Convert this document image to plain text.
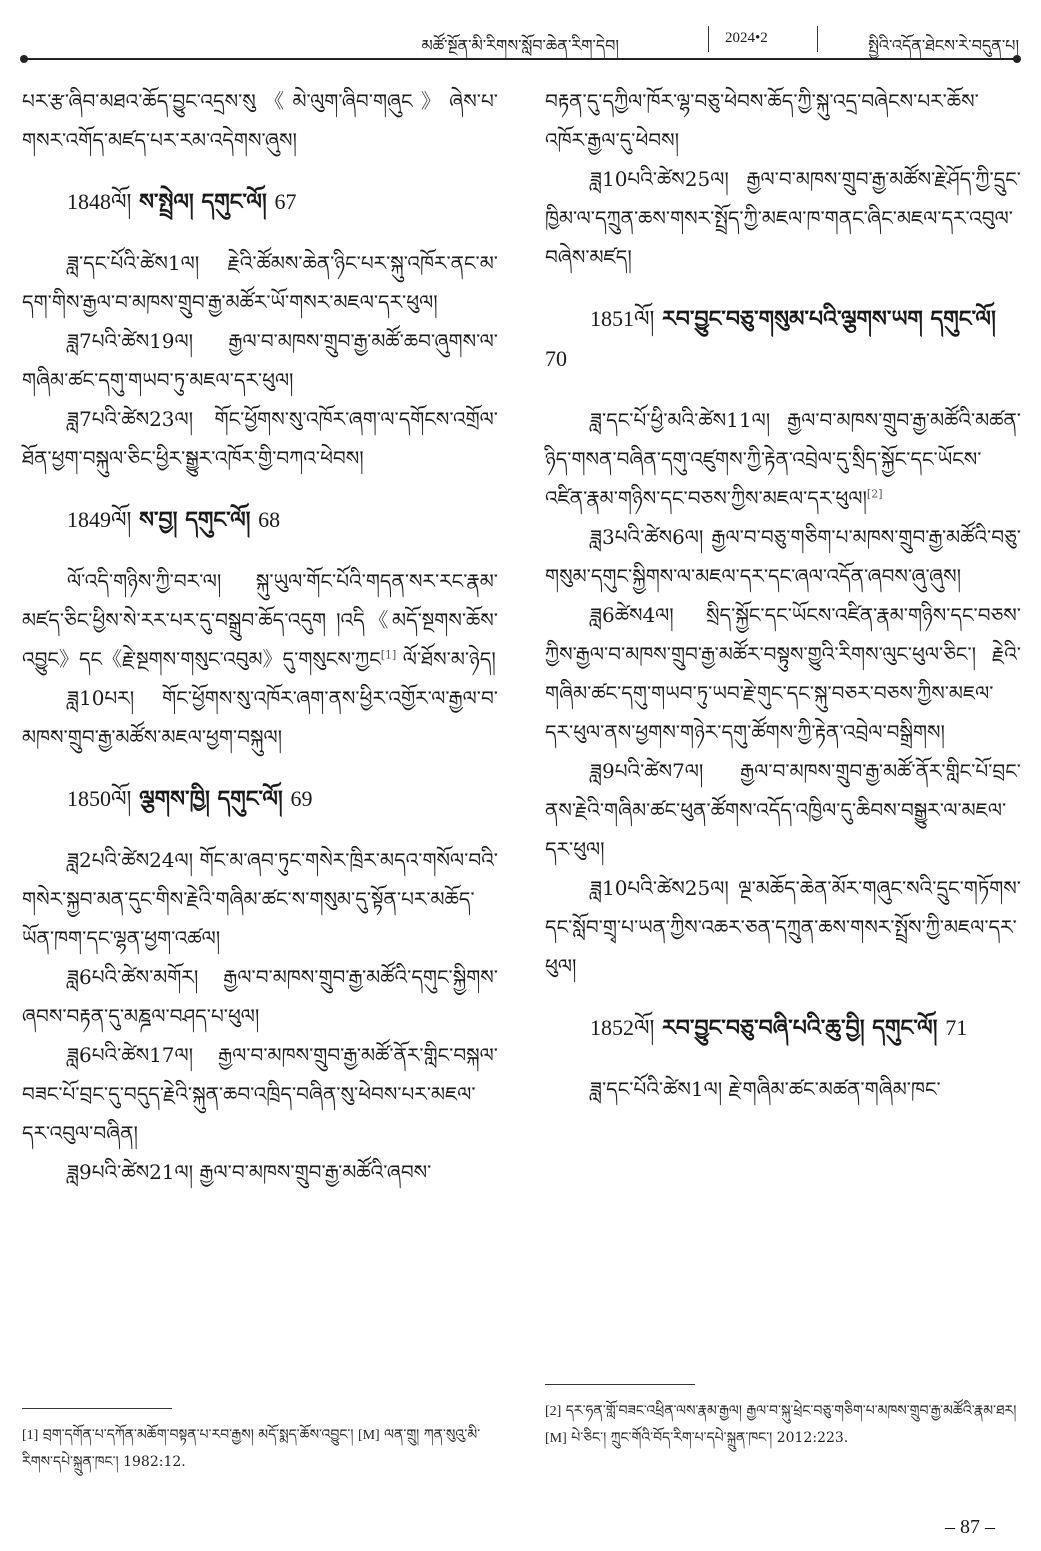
མཚོ་སྔོན་མི་རིགས་སློབ་ཆེན་རིག་དེབ།	2024•2	སྤྱིའི་འདོན་ཐེངས་རེ་བདུན་པ།

པར་རྩ་ཞིབ་མཐའ་ཆོད་བྱུང་འདྲས་སུ《མེ་ལུག་ཞིབ་གཞུང》ཞེས་པ་གསར་འགོད་མཛད་པར་རམ་འདེགས་ཞུས།

1848ལོ། ས་སྤྲེལ། དགུང་ལོ། 67

ཟླ་དང་པོའི་ཚེས1ལ། རྗེའི་ཚོམས་ཆེན་ཉིང་པར་སྐུ་འཁོར་ནང་མ་དག་གིས་རྒྱལ་བ་མཁས་གྲུབ་རྒྱ་མཚོར་ཡོ་གསར་མཇལ་དར་ཕུལ།

ཟླ7པའི་ཚེས19ལ། རྒྱལ་བ་མཁས་གྲུབ་རྒྱ་མཚོ་ཆབ་ཞུགས་ལ་གཞིམ་ཚང་དགུ་གཡབ་ཏུ་མཇལ་དར་ཕུལ།

ཟླ7པའི་ཚེས23ལ། གོང་ཕྱོགས་སུ་འཁོར་ཞག་ལ་དགོངས་འགྲོལ་ཐོན་ཕྱག་བསྐུལ་ཅིང་ཕྱིར་སྒྱུར་འཁོར་གྱི་བཀའ་ཕེབས།

1849ལོ། ས་བྱ། དགུང་ལོ། 68

ལོ་འདི་གཉིས་ཀྱི་བར་ལ། སྐུ་ཡུལ་གོང་པོའི་གདན་སར་རང་རྣམ་མཛད་ཅིང་ཕྱིས་སེ་རར་པར་དུ་བསྒྲུབ་ཆོད་འདུག །འདི《མདོ་སྔགས་ཆོས་འབྱུང》དང《རྗེ་སྔགས་གསུང་འབུམ》དུ་གསུངས་ཀྱང[1] ལོ་ཐོས་མ་ཉེད།

ཟླ10པར། གོང་ཕྱོགས་སུ་འཁོར་ཞག་ནས་ཕྱིར་འགྱོར་ལ་རྒྱལ་བ་མཁས་གྲུབ་རྒྱ་མཚོས་མཇལ་ཕྱག་བསྐུལ།

1850ལོ། ལྕགས་ཁྱི། དགུང་ལོ། 69

ཟླ2པའི་ཚེས24ལ། གོང་མ་ཞབ་ཏུང་གསེར་ཁྲིར་མདའ་གསོལ་བའི་གསེར་སྐྱབ་མན་དུང་གིས་རྗེའི་གཞིམ་ཚང་ས་གསུམ་དུ་སྟོན་པར་མཆོད་ཡོན་ཁག་དང་ལྷན་ཕྱག་འཚལ།

ཟླ6པའི་ཚེས་མགོར། རྒྱལ་བ་མཁས་གྲུབ་རྒྱ་མཚོའི་དགུང་སྐྱིགས་ཞབས་བརྟན་དུ་མཎྜལ་བཤད་པ་ཕུལ།

ཟླ6པའི་ཚེས17ལ། རྒྱལ་བ་མཁས་གྲུབ་རྒྱ་མཚོ་ནོར་གླིང་བསྐལ་བཟང་པོ་བྲང་དུ་བདུད་རྗེའི་སྐུན་ཆབ་འཁྲིད་བཞིན་སུ་ཕེབས་པར་མཇལ་དར་འབུལ་བཞིན།

ཟླ9པའི་ཚེས21ལ། རྒྱལ་བ་མཁས་གྲུབ་རྒྱ་མཚོའི་ཞབས་

[1] བྲག་དགོན་པ་དཀོན་མཆོག་བསྟན་པ་རབ་རྒྱས། མདོ་སྨད་ཆོས་འབྱུང་། [M] ལན་གྲུ། ཀན་སུའུ་མི་རིགས་དཔེ་སྐྲུན་ཁང་། 1982:12.

བརྟན་དུ་དཀྱིལ་ཁོར་ལྷ་བཅུ་ཕེབས་ཆོད་ཀྱི་སྐུ་འདྲ་བཞེངས་པར་ཆོས་འཁོར་རྒྱལ་དུ་ཕེབས།

ཟླ10པའི་ཚེས25ལ། རྒྱལ་བ་མཁས་གྲུབ་རྒྱ་མཚོས་རྗེ་ཤོད་ཀྱི་དྲུང་ཁྱིམ་ལ་དཀྲུན་ཆས་གསར་སྤྲོད་ཀྱི་མཇལ་ཁ་གནང་ཞིང་མཇལ་དར་འབུལ་བཞེས་མཛད།

1851ལོ། རབ་བྱུང་བཅུ་གསུམ་པའི་ལྕགས་ཡག དགུང་ལོ། 70

ཟླ་དང་པོ་ཕྱི་མའི་ཚེས11ལ། རྒྱལ་བ་མཁས་གྲུབ་རྒྱ་མཚོའི་མཚན་ཉིད་གསན་བཞིན་དགུ་འཛུགས་ཀྱི་རྟེན་འབྲེལ་དུ་སྲིད་སྐྱོང་དང་ཡོངས་འཛིན་རྣམ་གཉིས་དང་བཅས་ཀྱིས་མཇལ་དར་ཕུལ།[2]

ཟླ3པའི་ཚེས6ལ། རྒྱལ་བ་བཅུ་གཅིག་པ་མཁས་གྲུབ་རྒྱ་མཚོའི་བཅུ་གསུམ་དགུང་སྐྱིགས་ལ་མཇལ་དར་དང་ཞལ་འདོན་ཞབས་ཞུ་ཞུས།

ཟླ6ཚེས4ལ། སྲིད་སྐྱོང་དང་ཡོངས་འཛིན་རྣམ་གཉིས་དང་བཅས་ཀྱིས་རྒྱལ་བ་མཁས་གྲུབ་རྒྱ་མཚོར་བསྟུས་གྱུའི་རིགས་ལུང་ཕུལ་ཅིང་། རྗེའི་གཞིམ་ཚང་དགུ་གཡབ་ཏུ་ཡབ་རྗེ་གུང་དང་སྐུ་བཅར་བཅས་ཀྱིས་མཇལ་དར་ཕུལ་ནས་ཕྱགས་གཉེར་དགུ་ཚོགས་ཀྱི་རྟེན་འབྲེལ་བསྒྲིགས།

ཟླ9པའི་ཚེས7ལ། རྒྱལ་བ་མཁས་གྲུབ་རྒྱ་མཚོ་ནོར་གླིང་པོ་བྲང་ནས་རྗེའི་གཞིམ་ཚང་ཕུན་ཚོགས་འདོད་འཁྱིལ་དུ་ཆིབས་བསྒྱུར་ལ་མཇལ་དར་ཕུལ།

ཟླ10པའི་ཚེས25ལ། ལྔ་མཆོད་ཆེན་མོར་གཞུང་སའི་དྲུང་གཏོགས་དང་སློབ་གྲྭ་པ་ཡན་ཀྱིས་འཆར་ཅན་དཀྲུན་ཆས་གསར་སྤྲོས་ཀྱི་མཇལ་དར་ཕུལ།

1852ལོ། རབ་བྱུང་བཅུ་བཞི་པའི་ཆུ་བྱི། དགུང་ལོ། 71

ཟླ་དང་པོའི་ཚེས1ལ། རྗེ་གཞིམ་ཚང་མཚན་གཞིམ་ཁང་

[2] དར་ཧན་གློ་བཟང་འཕྲིན་ལས་རྣམ་རྒྱལ། རྒྱལ་བ་སྐུ་ཕྲེང་བཅུ་གཅིག་པ་མཁས་གྲུབ་རྒྱ་མཚོའི་རྣམ་ཐར། [M] པེ་ཅིང་། ཀྲུང་གོའི་བོད་རིག་པ་དཔེ་སྐྲུན་ཁང་། 2012:223.
– 87 –
